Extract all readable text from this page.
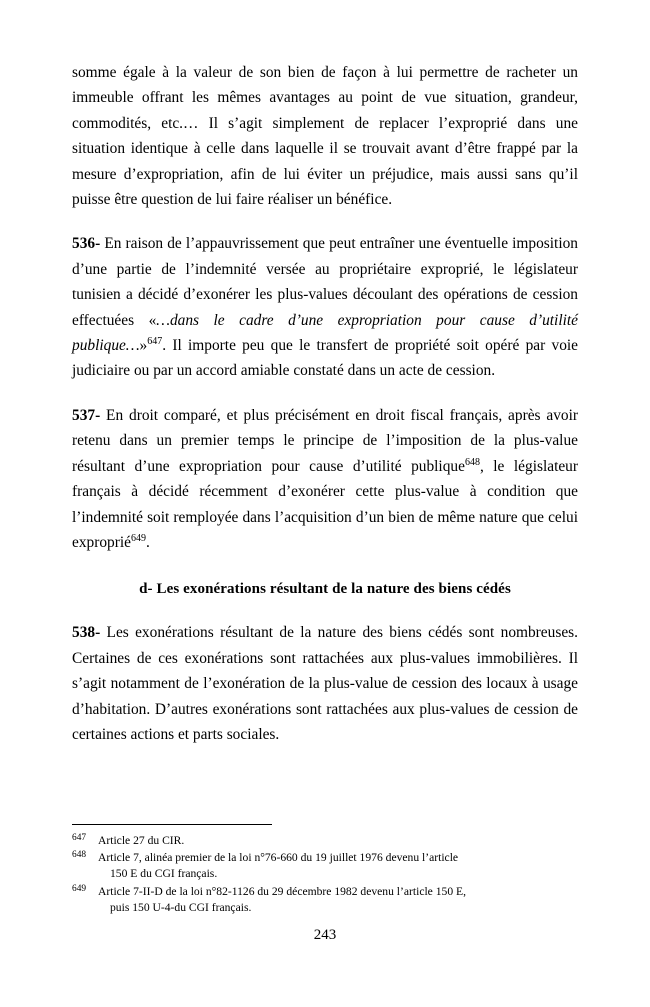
somme égale à la valeur de son bien de façon à lui permettre de racheter un immeuble offrant les mêmes avantages au point de vue situation, grandeur, commodités, etc.… Il s’agit simplement de replacer l’exproprié dans une situation identique à celle dans laquelle il se trouvait avant d’être frappé par la mesure d’expropriation, afin de lui éviter un préjudice, mais aussi sans qu’il puisse être question de lui faire réaliser un bénéfice.

536- En raison de l’appauvrissement que peut entraîner une éventuelle imposition d’une partie de l’indemnité versée au propriétaire exproprié, le législateur tunisien a décidé d’exonérer les plus-values découlant des opérations de cession effectuées «…dans le cadre d’une expropriation pour cause d’utilité publique…»$^{647}$. Il importe peu que le transfert de propriété soit opéré par voie judiciaire ou par un accord amiable constaté dans un acte de cession.

537- En droit comparé, et plus précisément en droit fiscal français, après avoir retenu dans un premier temps le principe de l’imposition de la plus-value résultant d’une expropriation pour cause d’utilité publique$^{648}$, le législateur français à décidé récemment d’exonérer cette plus-value à condition que l’indemnité soit remployée dans l’acquisition d’un bien de même nature que celui exproprié$^{649}$.

d- Les exonérations résultant de la nature des biens cédés

538- Les exonérations résultant de la nature des biens cédés sont nombreuses. Certaines de ces exonérations sont rattachées aux plus-values immobilières. Il s’agit notamment de l’exonération de la plus-value de cession des locaux à usage d’habitation. D’autres exonérations sont rattachées aux plus-values de cession de certaines actions et parts sociales.

647	Article 27 du CIR.
648	Article 7, alinéa premier de la loi n°76-660 du 19 juillet 1976 devenu l’article
150 E du CGI français.
649	Article 7-II-D de la loi n°82-1126 du 29 décembre 1982 devenu l’article 150 E,
puis 150 U-4-du CGI français.
243
